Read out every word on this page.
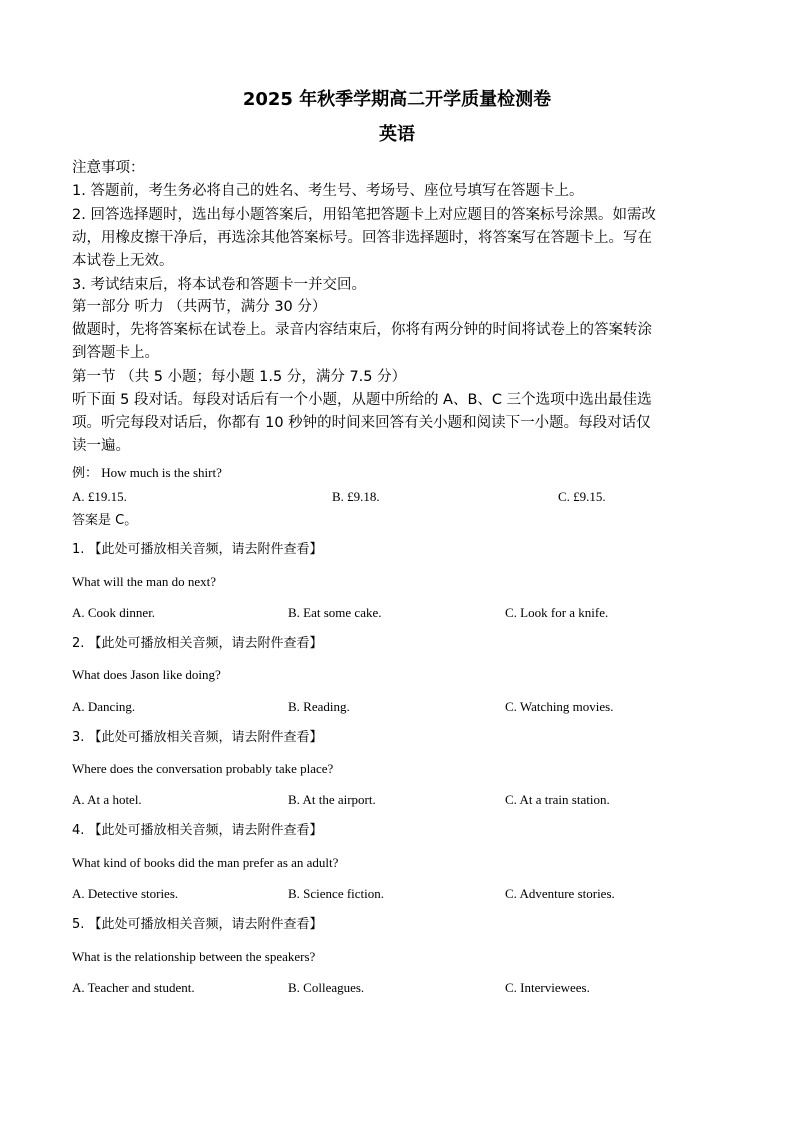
2025 年秋季学期高二开学质量检测卷
英语
注意事项：
1. 答题前，考生务必将自己的姓名、考生号、考场号、座位号填写在答题卡上。
2. 回答选择题时，选出每小题答案后，用铅笔把答题卡上对应题目的答案标号涂黑。如需改
动，用橡皮擦干净后，再选涂其他答案标号。回答非选择题时，将答案写在答题卡上。写在
本试卷上无效。
3. 考试结束后，将本试卷和答题卡一并交回。
第一部分 听力 （共两节，满分 30 分）
做题时，先将答案标在试卷上。录音内容结束后，你将有两分钟的时间将试卷上的答案转涂
到答题卡上。
第一节 （共 5 小题；每小题 1.5 分，满分 7.5 分）
听下面 5 段对话。每段对话后有一个小题，从题中所给的 A、B、C 三个选项中选出最佳选
项。听完每段对话后，你都有 10 秒钟的时间来回答有关小题和阅读下一小题。每段对话仅
读一遍。
例： How much is the shirt?
A. £19.15.	B. £9.18.	C. £9.15.
答案是 C。
1. 【此处可播放相关音频，请去附件查看】
What will the man do next?
A. Cook dinner.	B. Eat some cake.	C. Look for a knife.
2. 【此处可播放相关音频，请去附件查看】
What does Jason like doing?
A. Dancing.	B. Reading.	C. Watching movies.
3. 【此处可播放相关音频，请去附件查看】
Where does the conversation probably take place?
A. At a hotel.	B. At the airport.	C. At a train station.
4. 【此处可播放相关音频，请去附件查看】
What kind of books did the man prefer as an adult?
A. Detective stories.	B. Science fiction.	C. Adventure stories.
5. 【此处可播放相关音频，请去附件查看】
What is the relationship between the speakers?
A. Teacher and student.	B. Colleagues.	C. Interviewees.
